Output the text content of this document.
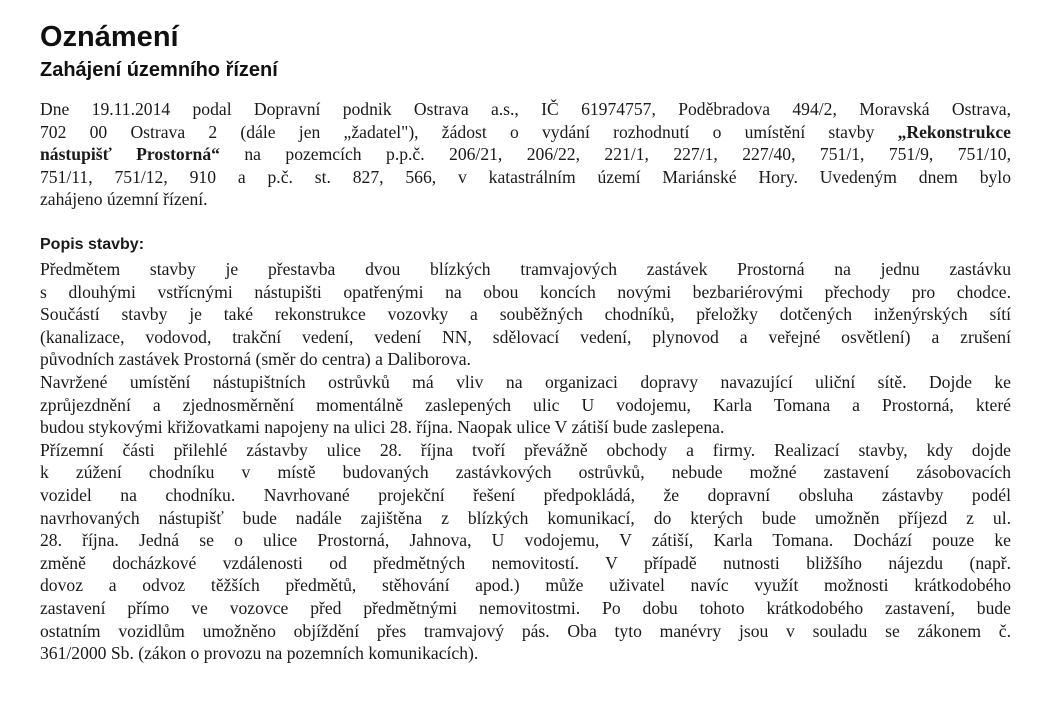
Oznámení
Zahájení územního řízení
Dne 19.11.2014 podal Dopravní podnik Ostrava a.s., IČ 61974757, Poděbradova 494/2, Moravská Ostrava,
702 00 Ostrava 2 (dále jen „žadatel"), žádost o vydání rozhodnutí o umístění stavby „Rekonstrukce
nástupišť Prostorná“ na pozemcích p.p.č. 206/21, 206/22, 221/1, 227/1, 227/40, 751/1, 751/9, 751/10,
751/11, 751/12, 910 a p.č. st. 827, 566, v katastrálním území Mariánské Hory. Uvedeným dnem bylo
zahájeno územní řízení.
Popis stavby:
Předmětem stavby je přestavba dvou blízkých tramvajových zastávek Prostorná na jednu zastávku
s dlouhými vstřícnými nástupišti opatřenými na obou koncích novými bezbariérovými přechody pro chodce.
Součástí stavby je také rekonstrukce vozovky a souběžných chodníků, přeložky dotčených inženýrských sítí
(kanalizace, vodovod, trakční vedení, vedení NN, sdělovací vedení, plynovod a veřejné osvětlení) a zrušení
původních zastávek Prostorná (směr do centra) a Daliborova.
Navržené umístění nástupištních ostrůvků má vliv na organizaci dopravy navazující uliční sítě. Dojde ke
zprůjezdnění a zjednosměrnění momentálně zaslepených ulic U vodojemu, Karla Tomana a Prostorná, které
budou stykovými křižovatkami napojeny na ulici 28. října. Naopak ulice V zátiší bude zaslepena.
Přízemní části přilehlé zástavby ulice 28. října tvoří převážně obchody a firmy. Realizací stavby, kdy dojde
k zúžení chodníku v místě budovaných zastávkových ostrůvků, nebude možné zastavení zásobovacích
vozidel na chodníku. Navrhované projekční řešení předpokládá, že dopravní obsluha zástavby podél
navrhovaných nástupišť bude nadále zajištěna z blízkých komunikací, do kterých bude umožněn příjezd z ul.
28. října. Jedná se o ulice Prostorná, Jahnova, U vodojemu, V zátiší, Karla Tomana. Dochází pouze ke
změně docházkové vzdálenosti od předmětných nemovitostí. V případě nutnosti bližšího nájezdu (např.
dovoz a odvoz těžších předmětů, stěhování apod.) může uživatel navíc využít možnosti krátkodobého
zastavení přímo ve vozovce před předmětnými nemovitostmi. Po dobu tohoto krátkodobého zastavení, bude
ostatním vozidlům umožněno objíždění přes tramvajový pás. Oba tyto manévry jsou v souladu se zákonem č.
361/2000 Sb. (zákon o provozu na pozemních komunikacích).
